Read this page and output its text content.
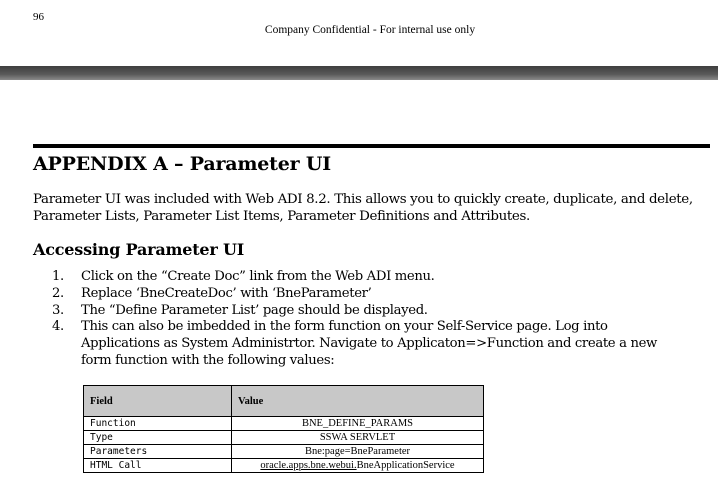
96
Company Confidential - For internal use only
APPENDIX A – Parameter UI

Parameter UI was included with Web ADI 8.2. This allows you to quickly create, duplicate, and delete, Parameter Lists, Parameter List Items, Parameter Definitions and Attributes.

Accessing Parameter UI
1.	Click on the “Create Doc” link from the Web ADI menu.
2.	Replace ‘BneCreateDoc’ with ‘BneParameter’
3.	The “Define Parameter List’ page should be displayed.
4.	This can also be imbedded in the form function on your Self-Service page. Log into Applications as System Administrtor. Navigate to Applicaton=>Function and create a new form function with the following values:
Field	Value
Function	BNE_DEFINE_PARAMS
Type	SSWA SERVLET
Parameters	Bne:page=BneParameter
HTML Call	oracle.apps.bne.webui.BneApplicationService
